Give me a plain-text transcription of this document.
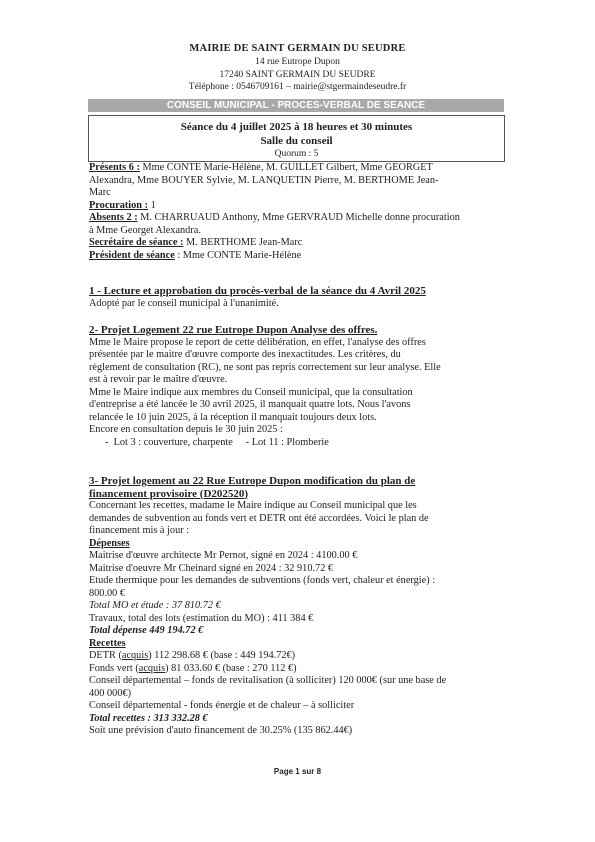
MAIRIE DE SAINT GERMAIN DU SEUDRE
14 rue Eutrope Dupon
17240 SAINT GERMAIN DU SEUDRE
Téléphone : 0546709161 – mairie@stgermaindeseudre.fr
CONSEIL MUNICIPAL - PROCES-VERBAL DE SEANCE
Séance du 4 juillet 2025 à 18 heures et 30 minutes
Salle du conseil
Quorum : 5
Présents 6 : Mme CONTE Marie-Hélène, M. GUILLET Gilbert, Mme GEORGET
Alexandra, Mme BOUYER Sylvie, M. LANQUETIN Pierre, M. BERTHOME Jean-
Marc
Procuration : 1
Absents 2 : M. CHARRUAUD Anthony, Mme GERVRAUD Michelle donne procuration
à Mme Georget Alexandra.
Secrétaire de séance : M. BERTHOME Jean-Marc
Président de séance : Mme CONTE Marie-Hélène
1 - Lecture et approbation du procès-verbal de la séance du 4 Avril 2025
Adopté par le conseil municipal à l'unanimité.
2- Projet Logement 22 rue Eutrope Dupon Analyse des offres.
Mme le Maire propose le report de cette délibération, en effet, l'analyse des offres
présentée par le maitre d'œuvre comporte des inexactitudes. Les critères, du
règlement de consultation (RC), ne sont pas repris correctement sur leur analyse. Elle
est à revoir par le maître d'œuvre.
Mme le Maire indique aux membres du Conseil municipal, que la consultation
d'entreprise a été lancée le 30 avril 2025, il manquait quatre lots. Nous l'avons
relancée le 10 juin 2025, à la réception il manquait toujours deux lots.
Encore en consultation depuis le 30 juin 2025 :
- Lot 3 : couverture, charpente - Lot 11 : Plomberie
3- Projet logement au 22 Rue Eutrope Dupon modification du plan de
financement provisoire (D202520)
Concernant les recettes, madame le Maire indique au Conseil municipal que les
demandes de subvention au fonds vert et DETR ont été accordées. Voici le plan de
financement mis à jour :
Dépenses
Maitrise d'œuvre architecte Mr Pernot, signé en 2024 : 4100.00 €
Maitrise d'oeuvre Mr Cheinard signé en 2024 : 32 910.72 €
Etude thermique pour les demandes de subventions (fonds vert, chaleur et énergie) :
800.00 €
Total MO et étude : 37 810.72 €
Travaux, total des lots (estimation du MO) : 411 384 €
Total dépense 449 194.72 €
Recettes
DETR (acquis) 112 298.68 € (base : 449 194.72€)
Fonds vert (acquis) 81 033.60 € (base : 270 112 €)
Conseil départemental – fonds de revitalisation (à solliciter) 120 000€ (sur une base de
400 000€)
Conseil départemental - fonds énergie et de chaleur – à solliciter
Total recettes : 313 332.28 €
Soit une prévision d'auto financement de 30.25% (135 862.44€)
Page 1 sur 8
